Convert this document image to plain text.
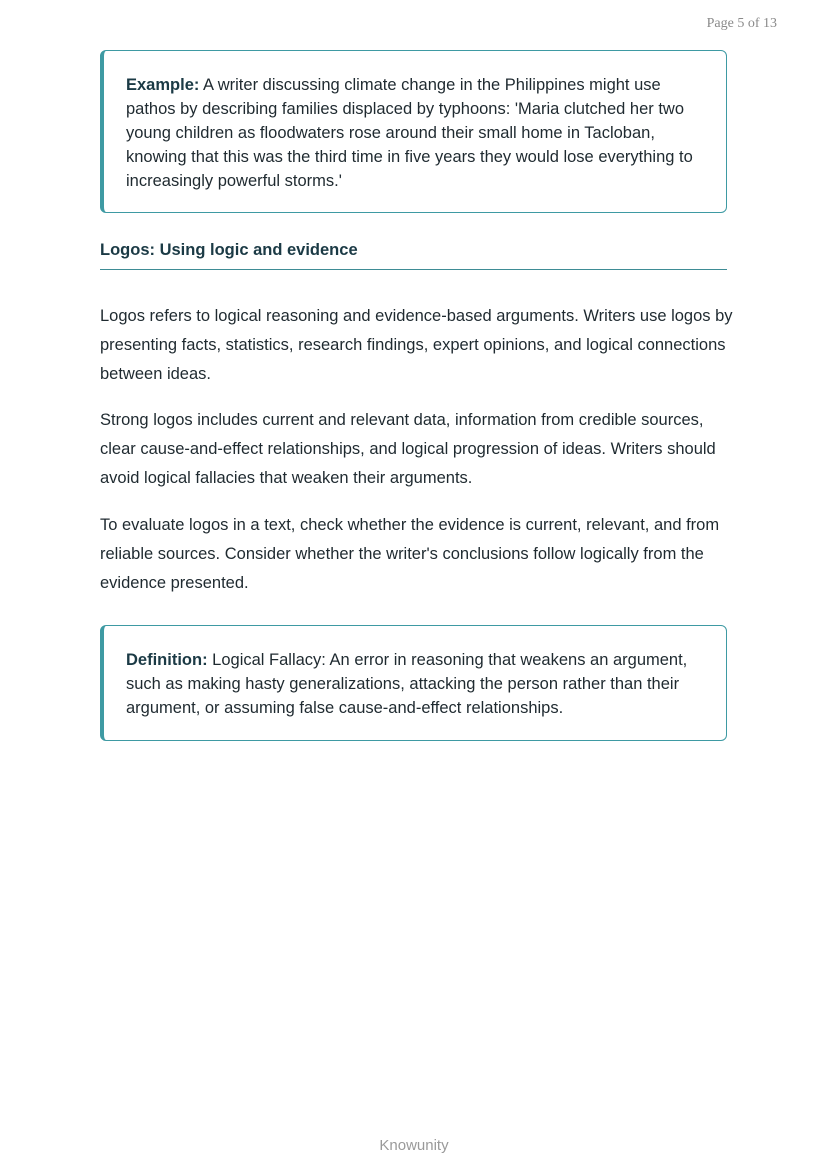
Page 5 of 13
Example: A writer discussing climate change in the Philippines might use pathos by describing families displaced by typhoons: 'Maria clutched her two young children as floodwaters rose around their small home in Tacloban, knowing that this was the third time in five years they would lose everything to increasingly powerful storms.'
Logos: Using logic and evidence

Logos refers to logical reasoning and evidence-based arguments. Writers use logos by presenting facts, statistics, research findings, expert opinions, and logical connections between ideas.

Strong logos includes current and relevant data, information from credible sources, clear cause-and-effect relationships, and logical progression of ideas. Writers should avoid logical fallacies that weaken their arguments.

To evaluate logos in a text, check whether the evidence is current, relevant, and from reliable sources. Consider whether the writer's conclusions follow logically from the evidence presented.

Definition: Logical Fallacy: An error in reasoning that weakens an argument, such as making hasty generalizations, attacking the person rather than their argument, or assuming false cause-and-effect relationships.
Knowunity
